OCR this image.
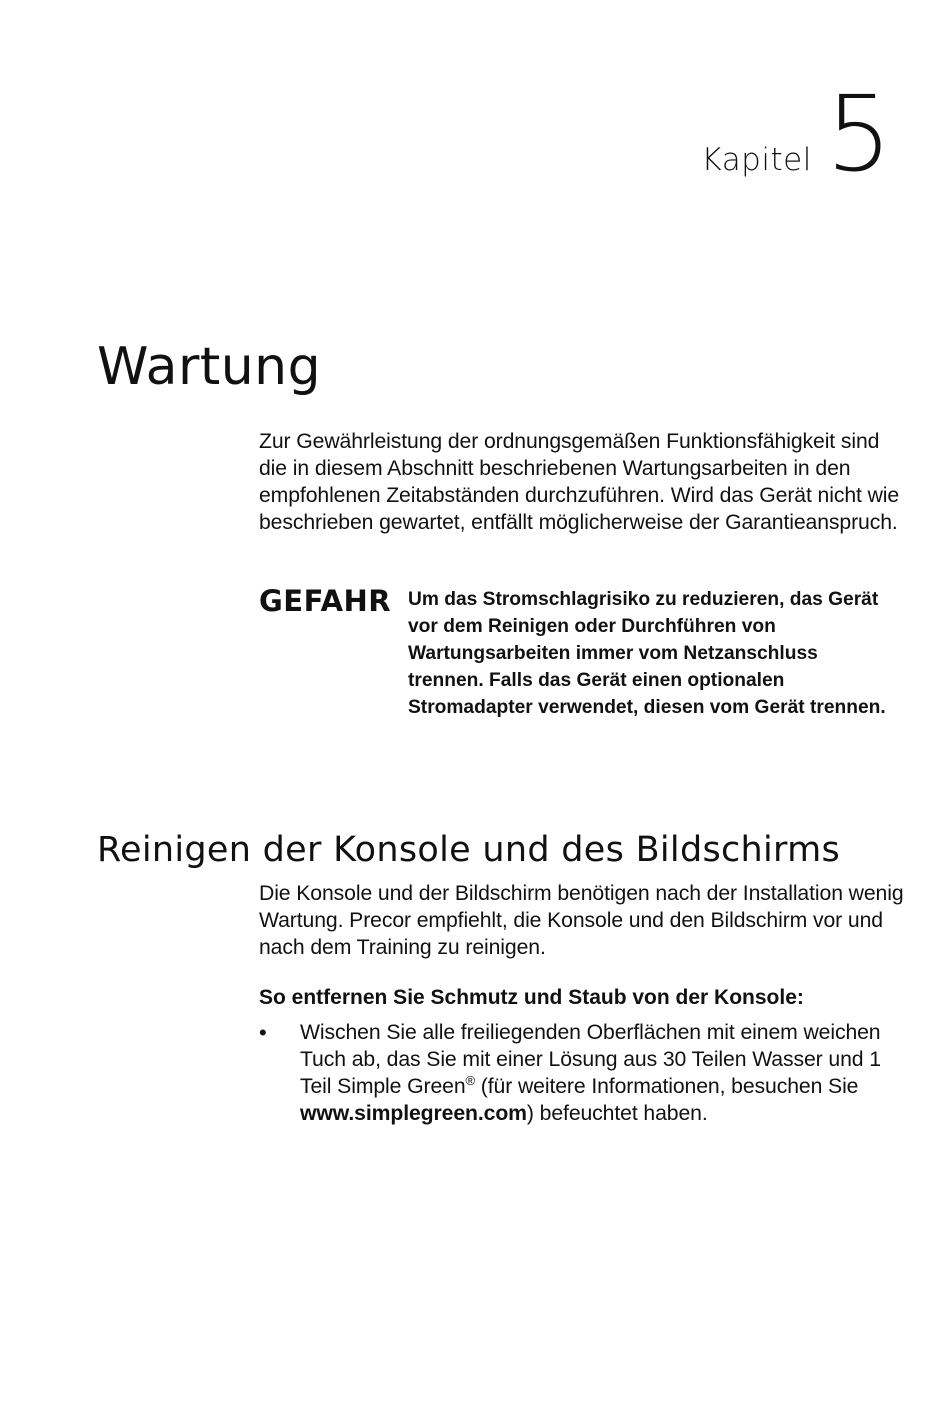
Kapitel 5
Wartung

Zur Gewährleistung der ordnungsgemäßen Funktionsfähigkeit sind die in diesem Abschnitt beschriebenen Wartungsarbeiten in den empfohlenen Zeitabständen durchzuführen. Wird das Gerät nicht wie beschrieben gewartet, entfällt möglicherweise der Garantieanspruch.

GEFAHR Um das Stromschlagrisiko zu reduzieren, das Gerät vor dem Reinigen oder Durchführen von Wartungsarbeiten immer vom Netzanschluss trennen. Falls das Gerät einen optionalen Stromadapter verwendet, diesen vom Gerät trennen.

Reinigen der Konsole und des Bildschirms

Die Konsole und der Bildschirm benötigen nach der Installation wenig Wartung. Precor empfiehlt, die Konsole und den Bildschirm vor und nach dem Training zu reinigen.

So entfernen Sie Schmutz und Staub von der Konsole:
• Wischen Sie alle freiliegenden Oberflächen mit einem weichen Tuch ab, das Sie mit einer Lösung aus 30 Teilen Wasser und 1 Teil Simple Green® (für weitere Informationen, besuchen Sie www.simplegreen.com) befeuchtet haben.
